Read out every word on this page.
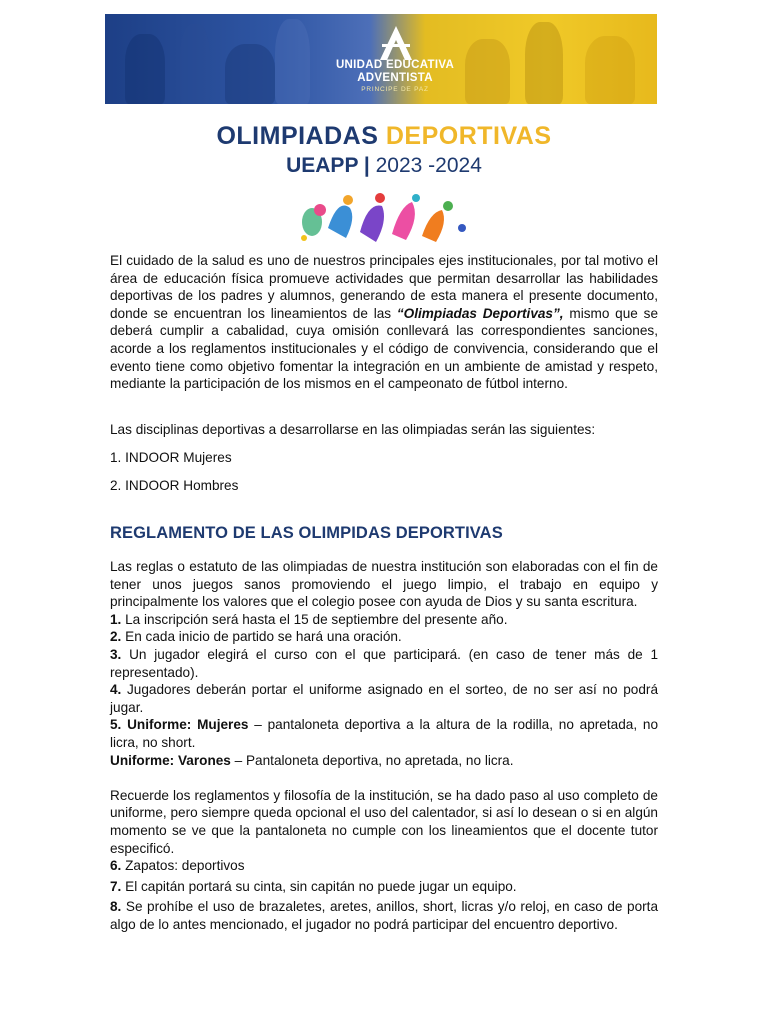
UNIDAD EDUCATIVA
ADVENTISTA
PRINCIPE DE PAZ
OLIMPIADAS DEPORTIVAS
UEAPP | 2023 -2024
El cuidado de la salud es uno de nuestros principales ejes institucionales, por tal motivo el área de educación física promueve actividades que permitan desarrollar las habilidades deportivas de los padres y alumnos, generando de esta manera el presente documento, donde se encuentran los lineamientos de las “Olimpiadas Deportivas”, mismo que se deberá cumplir a cabalidad, cuya omisión conllevará las correspondientes sanciones, acorde a los reglamentos institucionales y el código de convivencia, considerando que el evento tiene como objetivo fomentar la integración en un ambiente de amistad y respeto, mediante la participación de los mismos en el campeonato de fútbol interno.
Las disciplinas deportivas a desarrollarse en las olimpiadas serán las siguientes:
1. INDOOR Mujeres
2. INDOOR Hombres
REGLAMENTO DE LAS OLIMPIDAS DEPORTIVAS
Las reglas o estatuto de las olimpiadas de nuestra institución son elaboradas con el fin de tener unos juegos sanos promoviendo el juego limpio, el trabajo en equipo y principalmente los valores que el colegio posee con ayuda de Dios y su santa escritura.
1. La inscripción será hasta el 15 de septiembre del presente año.
2. En cada inicio de partido se hará una oración.
3. Un jugador elegirá el curso con el que participará. (en caso de tener más de 1 representado).
4. Jugadores deberán portar el uniforme asignado en el sorteo, de no ser así no podrá jugar.
5. Uniforme: Mujeres – pantaloneta deportiva a la altura de la rodilla, no apretada, no licra, no short.
Uniforme: Varones – Pantaloneta deportiva, no apretada, no licra.
Recuerde los reglamentos y filosofía de la institución, se ha dado paso al uso completo de uniforme, pero siempre queda opcional el uso del calentador, si así lo desean o si en algún momento se ve que la pantaloneta no cumple con los lineamientos que el docente tutor especificó.
6. Zapatos: deportivos
7. El capitán portará su cinta, sin capitán no puede jugar un equipo.
8. Se prohíbe el uso de brazaletes, aretes, anillos, short, licras y/o reloj, en caso de porta algo de lo antes mencionado, el jugador no podrá participar del encuentro deportivo.
